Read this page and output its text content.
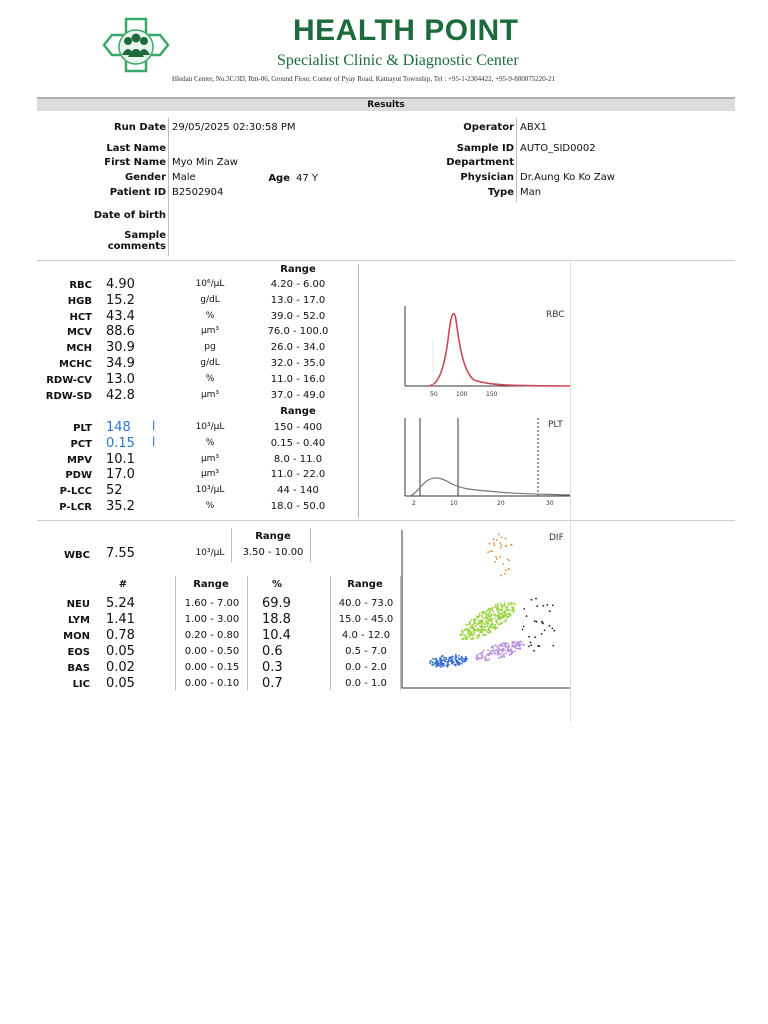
HEALTH POINT
Specialist Clinic & Diagnostic Center
Hledan Center, No.3C/3D, Rm-06, Ground Floor, Corner of Pyay Road, Kamayut Township, Tel : +95-1-2304422, +95-9-880875220-21
Results
Run Date 29/05/2025 02:30:58 PM	Operator ABX1
Last Name
First Name Myo Min Zaw
Gender Male	Age 47 Y
Patient ID B2502904
Sample ID AUTO_SID0002
Department
Physician Dr.Aung Ko Ko Zaw
Type Man
Date of birth
Sample
comments
Range
RBC 4.90	10⁶/µL	4.20 - 6.00
HGB 15.2	g/dL	13.0 - 17.0
HCT 43.4	%	39.0 - 52.0
MCV 88.6	µm³	76.0 - 100.0
MCH 30.9	pg	26.0 - 34.0
MCHC 34.9	g/dL	32.0 - 35.0
RDW-CV 13.0	%	11.0 - 16.0
RDW-SD 42.8	µm³	37.0 - 49.0
Range
PLT 148 l	10³/µL	150 - 400
PCT 0.15 l	%	0.15 - 0.40
MPV 10.1	µm³	8.0 - 11.0
PDW 17.0	µm³	11.0 - 22.0
P-LCC 52	10³/µL	44 - 140
P-LCR 35.2	%	18.0 - 50.0
RBC
50	100	150
PLT
2	10	20	30
Range
WBC 7.55	10³/µL	3.50 - 10.00
#	Range	%	Range
NEU 5.24	1.60 - 7.00	69.9	40.0 - 73.0
LYM 1.41	1.00 - 3.00	18.8	15.0 - 45.0
MON 0.78	0.20 - 0.80	10.4	4.0 - 12.0
EOS 0.05	0.00 - 0.50	0.6	0.5 - 7.0
BAS 0.02	0.00 - 0.15	0.3	0.0 - 2.0
LIC 0.05	0.00 - 0.10	0.7	0.0 - 1.0
DIF
